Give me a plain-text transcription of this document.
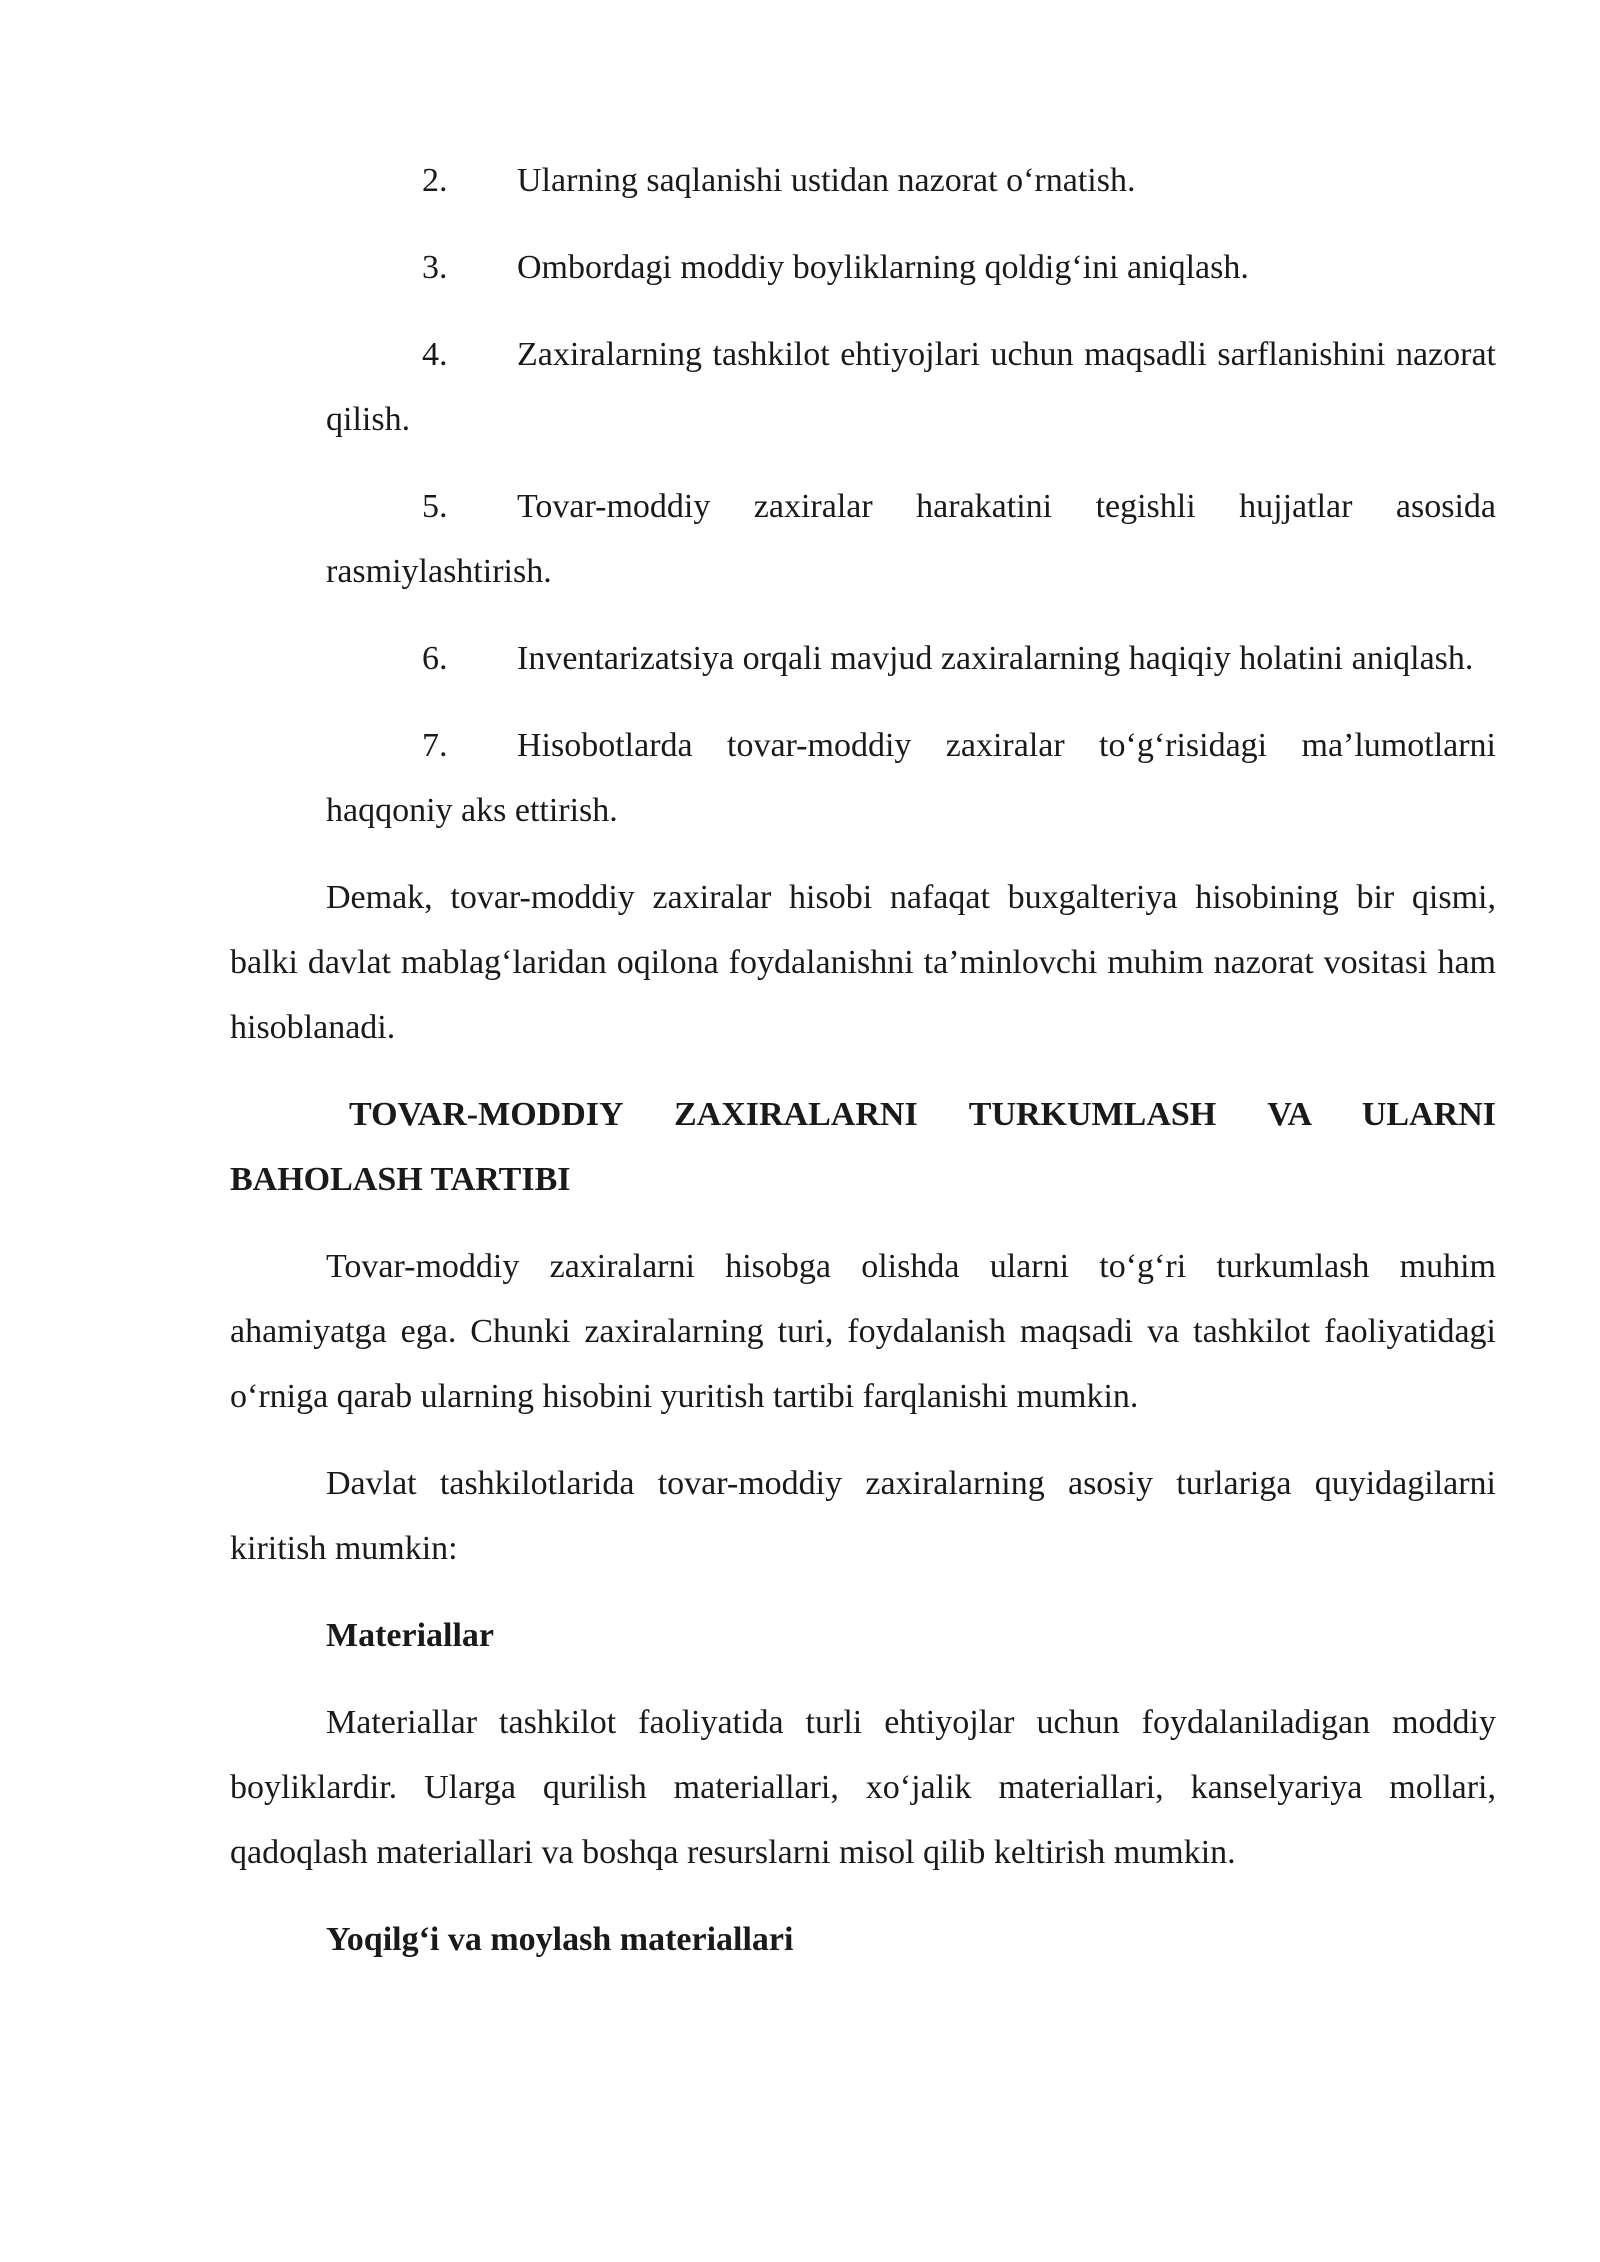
2.	Ularning saqlanishi ustidan nazorat o‘rnatish.
3.	Ombordagi moddiy boyliklarning qoldig‘ini aniqlash.
4.	Zaxiralarning tashkilot ehtiyojlari uchun maqsadli sarflanishini nazorat qilish.
5.	Tovar-moddiy zaxiralar harakatini tegishli hujjatlar asosida rasmiylashtirish.
6.	Inventarizatsiya orqali mavjud zaxiralarning haqiqiy holatini aniqlash.
7.	Hisobotlarda tovar-moddiy zaxiralar to‘g‘risidagi ma’lumotlarni haqqoniy aks ettirish.

Demak, tovar-moddiy zaxiralar hisobi nafaqat buxgalteriya hisobining bir qismi, balki davlat mablag‘laridan oqilona foydalanishni ta’minlovchi muhim nazorat vositasi ham hisoblanadi.

TOVAR-MODDIY ZAXIRALARNI TURKUMLASH VA ULARNI BAHOLASH TARTIBI

Tovar-moddiy zaxiralarni hisobga olishda ularni to‘g‘ri turkumlash muhim ahamiyatga ega. Chunki zaxiralarning turi, foydalanish maqsadi va tashkilot faoliyatidagi o‘rniga qarab ularning hisobini yuritish tartibi farqlanishi mumkin.

Davlat tashkilotlarida tovar-moddiy zaxiralarning asosiy turlariga quyidagilarni kiritish mumkin:

Materiallar

Materiallar tashkilot faoliyatida turli ehtiyojlar uchun foydalaniladigan moddiy boyliklardir. Ularga qurilish materiallari, xo‘jalik materiallari, kanselyariya mollari, qadoqlash materiallari va boshqa resurslarni misol qilib keltirish mumkin.

Yoqilg‘i va moylash materiallari
